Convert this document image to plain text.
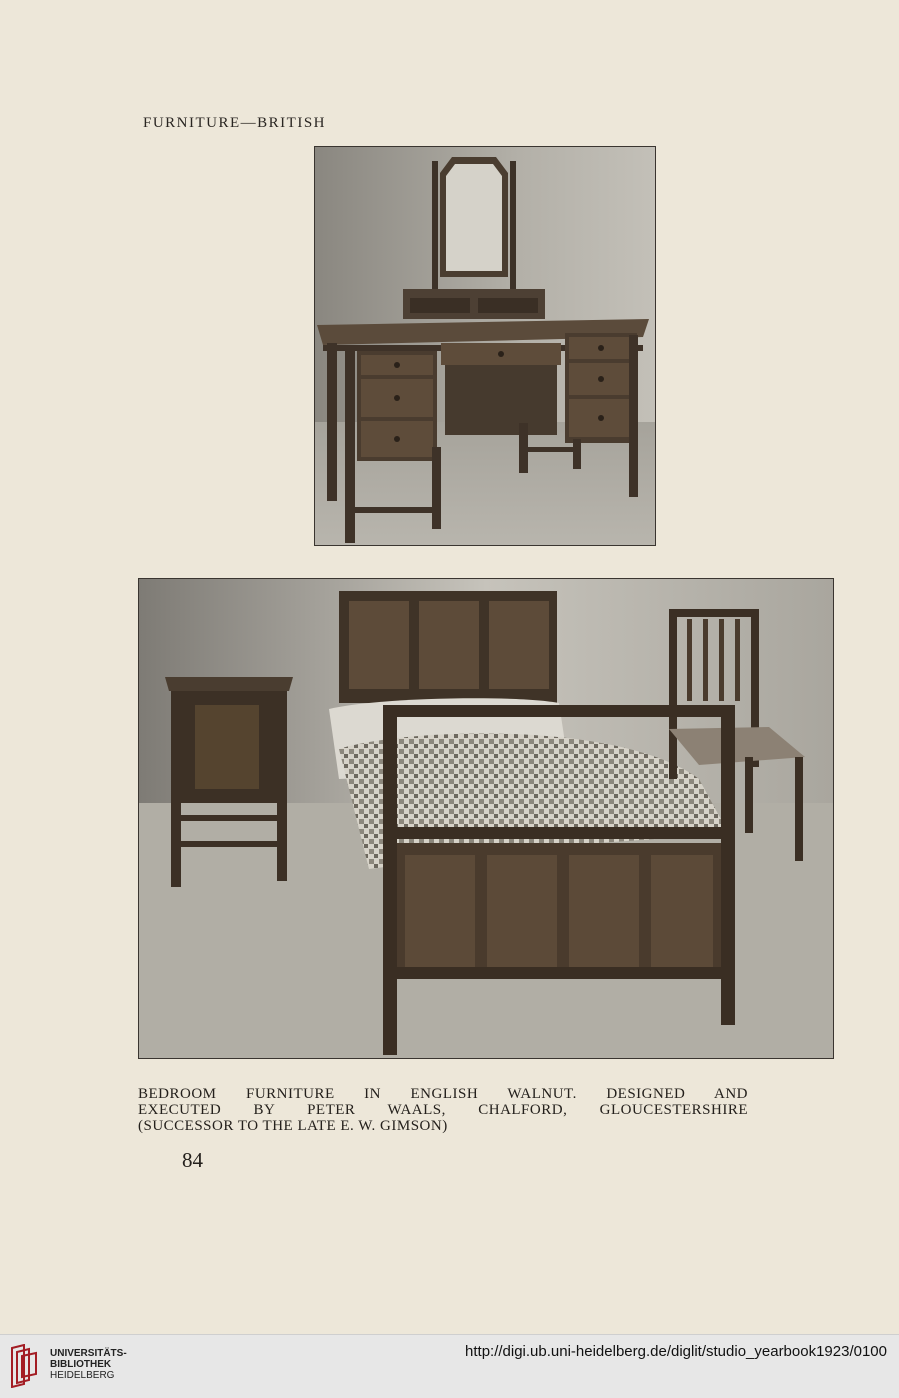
FURNITURE—BRITISH
BEDROOM FURNITURE IN ENGLISH WALNUT. DESIGNED AND
EXECUTED BY PETER WAALS, CHALFORD, GLOUCESTERSHIRE
(SUCCESSOR TO THE LATE E. W. GIMSON)
84
UNIVERSITÄTS-
BIBLIOTHEK
HEIDELBERG
http://digi.ub.uni-heidelberg.de/diglit/studio_yearbook1923/0100
